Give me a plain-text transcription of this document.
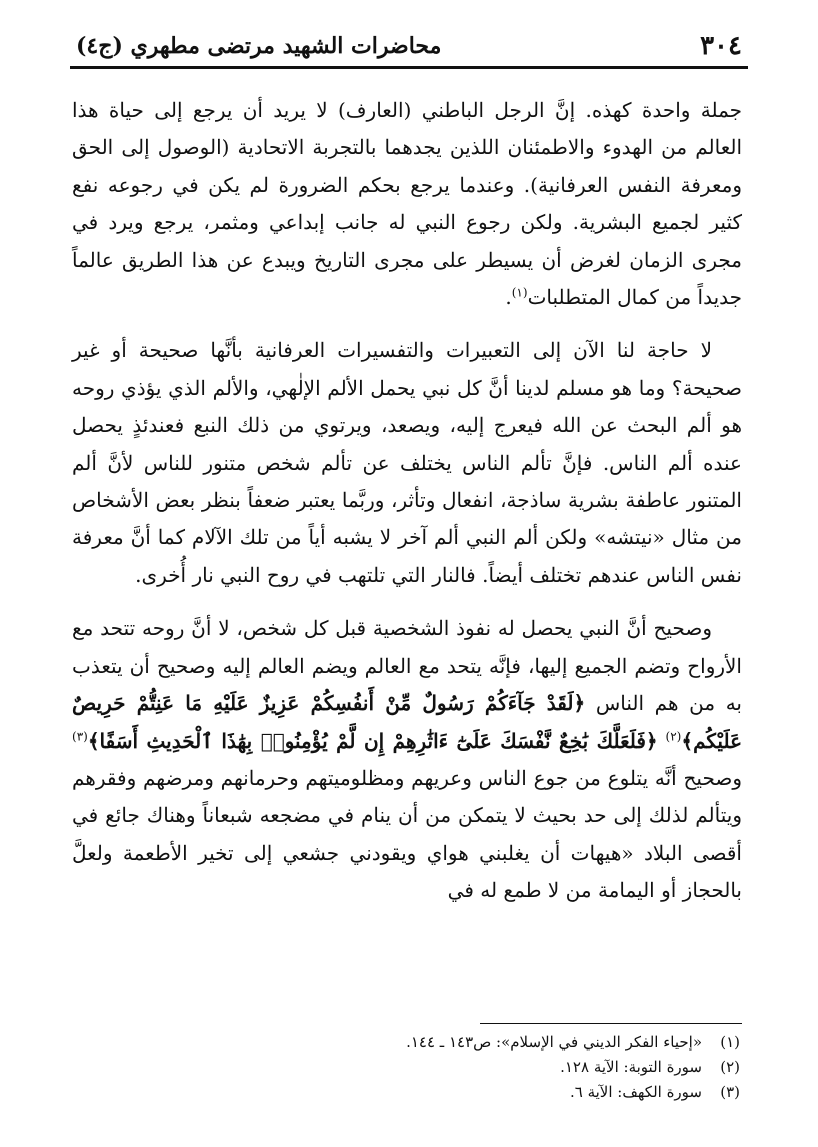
٣٠٤
محاضرات الشهيد مرتضى مطهري (ج٤)

جملة واحدة كهذه. إنَّ الرجل الباطني (العارف) لا يريد أن يرجع إلى حياة هذا العالم من الهدوء والاطمئنان اللذين يجدهما بالتجربة الاتحادية (الوصول إلى الحق ومعرفة النفس العرفانية). وعندما يرجع بحكم الضرورة لم يكن في رجوعه نفع كثير لجميع البشرية. ولكن رجوع النبي له جانب إبداعي ومثمر، يرجع ويرد في مجرى الزمان لغرض أن يسيطر على مجرى التاريخ ويبدع عن هذا الطريق عالماً جديداً من كمال المتطلبات$^{(١)}$.

لا حاجة لنا الآن إلى التعبيرات والتفسيرات العرفانية بأنَّها صحيحة أو غير صحيحة؟ وما هو مسلم لدينا أنَّ كل نبي يحمل الألم الإلٰهي، والألم الذي يؤذي روحه هو ألم البحث عن الله فيعرج إليه، ويصعد، ويرتوي من ذلك النبع فعندئذٍ يحصل عنده ألم الناس. فإنَّ تألم الناس يختلف عن تألم شخص متنور للناس لأنَّ ألم المتنور عاطفة بشرية ساذجة، انفعال وتأثر، وربَّما يعتبر ضعفاً بنظر بعض الأشخاص من مثال «نيتشه» ولكن ألم النبي ألم آخر لا يشبه أياً من تلك الآلام كما أنَّ معرفة نفس الناس عندهم تختلف أيضاً. فالنار التي تلتهب في روح النبي نار أُخرى.

وصحيح أنَّ النبي يحصل له نفوذ الشخصية قبل كل شخص، لا أنَّ روحه تتحد مع الأرواح وتضم الجميع إليها، فإنَّه يتحد مع العالم ويضم العالم إليه وصحيح أن يتعذب به من هم الناس ﴿لَقَدْ جَآءَكُمْ رَسُولٌ مِّنْ أَنفُسِكُمْ عَزِيزٌ عَلَيْهِ مَا عَنِتُّمْ حَرِيصٌ عَلَيْكُم﴾$^{(٢)}$ ﴿فَلَعَلَّكَ بَٰخِعٌ نَّفْسَكَ عَلَىٰٓ ءَاثَٰرِهِمْ إِن لَّمْ يُؤْمِنُوا۟ بِهَٰذَا ٱلْحَدِيثِ أَسَفًا﴾$^{(٣)}$ وصحيح أنَّه يتلوع من جوع الناس وعريهم ومظلوميتهم وحرمانهم ومرضهم وفقرهم ويتألم لذلك إلى حد بحيث لا يتمكن من أن ينام في مضجعه شبعاناً وهناك جائع في أقصى البلاد «هيهات أن يغلبني هواي ويقودني جشعي إلى تخير الأطعمة ولعلَّ بالحجاز أو اليمامة من لا طمع له في

(١)
«إحياء الفكر الديني في الإسلام»: ص١٤٣ ـ ١٤٤.
(٢)
سورة التوبة: الآية ١٢٨.
(٣)
سورة الكهف: الآية ٦.
